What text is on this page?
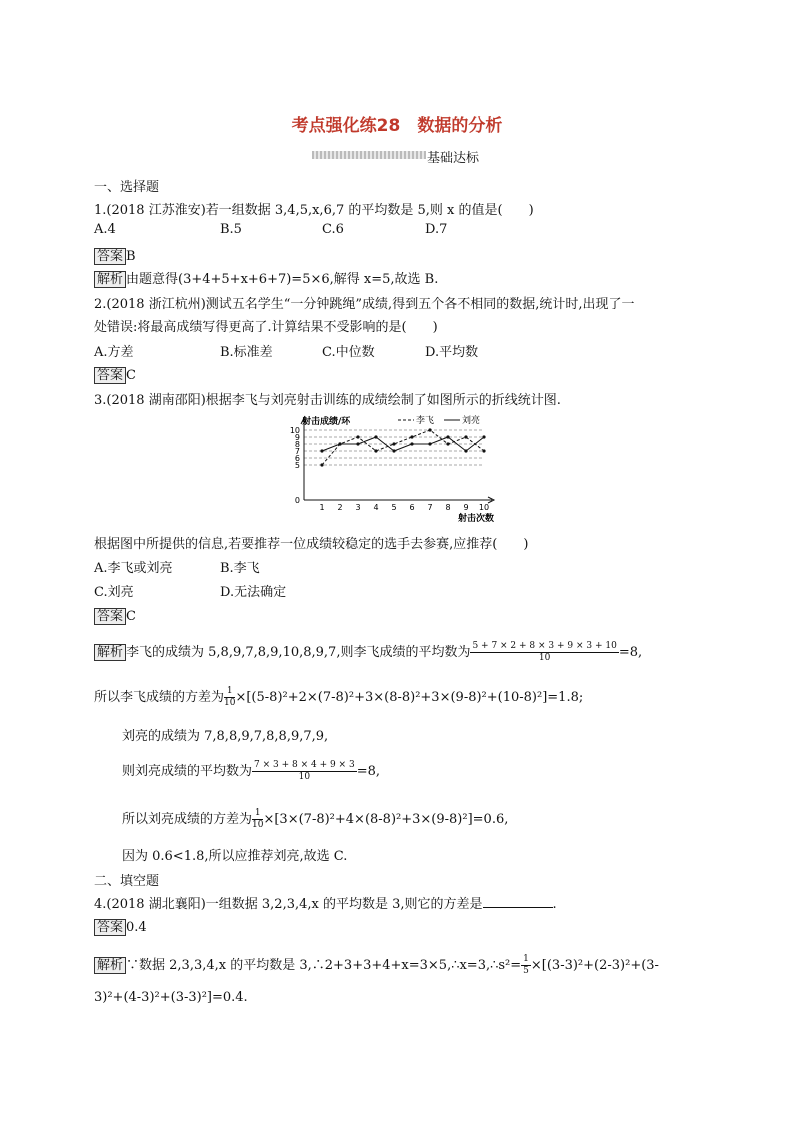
考点强化练28　数据的分析
基础达标
一、选择题
1.(2018 江苏淮安)若一组数据 3,4,5,x,6,7 的平均数是 5,则 x 的值是(　　)
A.4	B.5	C.6	D.7
答案 B
解析 由题意得(3+4+5+x+6+7)=5×6,解得 x=5,故选 B.
2.(2018 浙江杭州)测试五名学生“一分钟跳绳”成绩,得到五个各不相同的数据,统计时,出现了一
处错误:将最高成绩写得更高了.计算结果不受影响的是(　　)
A.方差	B.标准差	C.中位数	D.平均数
答案 C
3.(2018 湖南邵阳)根据李飞与刘亮射击训练的成绩绘制了如图所示的折线统计图.
0
5
6
7
8
9
10
1 2 3 4 5 6 7 8 9 10
射击成绩/环
射击次数
李飞	刘亮
根据图中所提供的信息,若要推荐一位成绩较稳定的选手去参赛,应推荐(　　)
A.李飞或刘亮	B.李飞
C.刘亮	D.无法确定
答案 C
解析 李飞的成绩为 5,8,9,7,8,9,10,8,9,7,则李飞成绩的平均数为 $\frac{5 + 7 \times 2 + 8 \times 3 + 9 \times 3 + 10}{10} =8$,
所以李飞成绩的方差为 $\frac{1}{10} \times[(5-8)^2+2\times(7-8)^2+3\times(8-8)^2+3\times(9-8)^2+(10-8)^2]=1.8$;
刘亮的成绩为 7,8,8,9,7,8,8,9,7,9,
则刘亮成绩的平均数为 $\frac{7 \times 3 + 8 \times 4 + 9 \times 3}{10} =8$,
所以刘亮成绩的方差为 $\frac{1}{10} \times[3\times(7-8)^2+4\times(8-8)^2+3\times(9-8)^2]=0.6$,
因为 0.6<1.8,所以应推荐刘亮,故选 C.
二、填空题
4.(2018 湖北襄阳)一组数据 3,2,3,4,x 的平均数是 3,则它的方差是	.
答案 0.4
解析 ∵数据 2,3,3,4,x 的平均数是 3,∴2+3+3+4+x=3×5,∴x=3,∴s²= $\frac{1}{5} \times[(3-3)^2+(2-3)^2+(3-$
3)²+(4-3)²+(3-3)²]=0.4.
